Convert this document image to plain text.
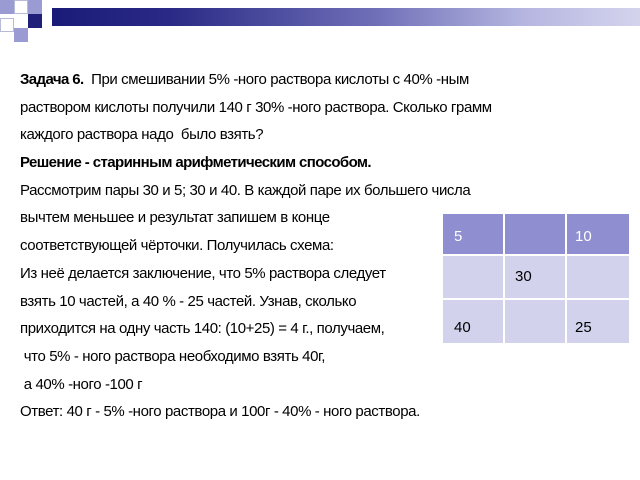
Задача 6.  При смешивании 5% -ного раствора кислоты с 40% -ным
раствором кислоты получили 140 г 30% -ного раствора. Сколько грамм
каждого раствора надо  было взять?
Решение - старинным арифметическим способом.
Рассмотрим пары 30 и 5; 30 и 40. В каждой паре их большего числа
вычтем меньшее и результат запишем в конце
соответствующей чёрточки. Получилась схема:
Из неё делается заключение, что 5% раствора следует
взять 10 частей, а 40 % - 25 частей. Узнав, сколько
приходится на одну часть 140: (10+25) = 4 г., получаем,
что 5% - ного раствора необходимо взять 40г,
а 40% -ного -100 г
Ответ: 40 г - 5% -ного раствора и 100г - 40% - ного раствора.
5	10
30
40	25
